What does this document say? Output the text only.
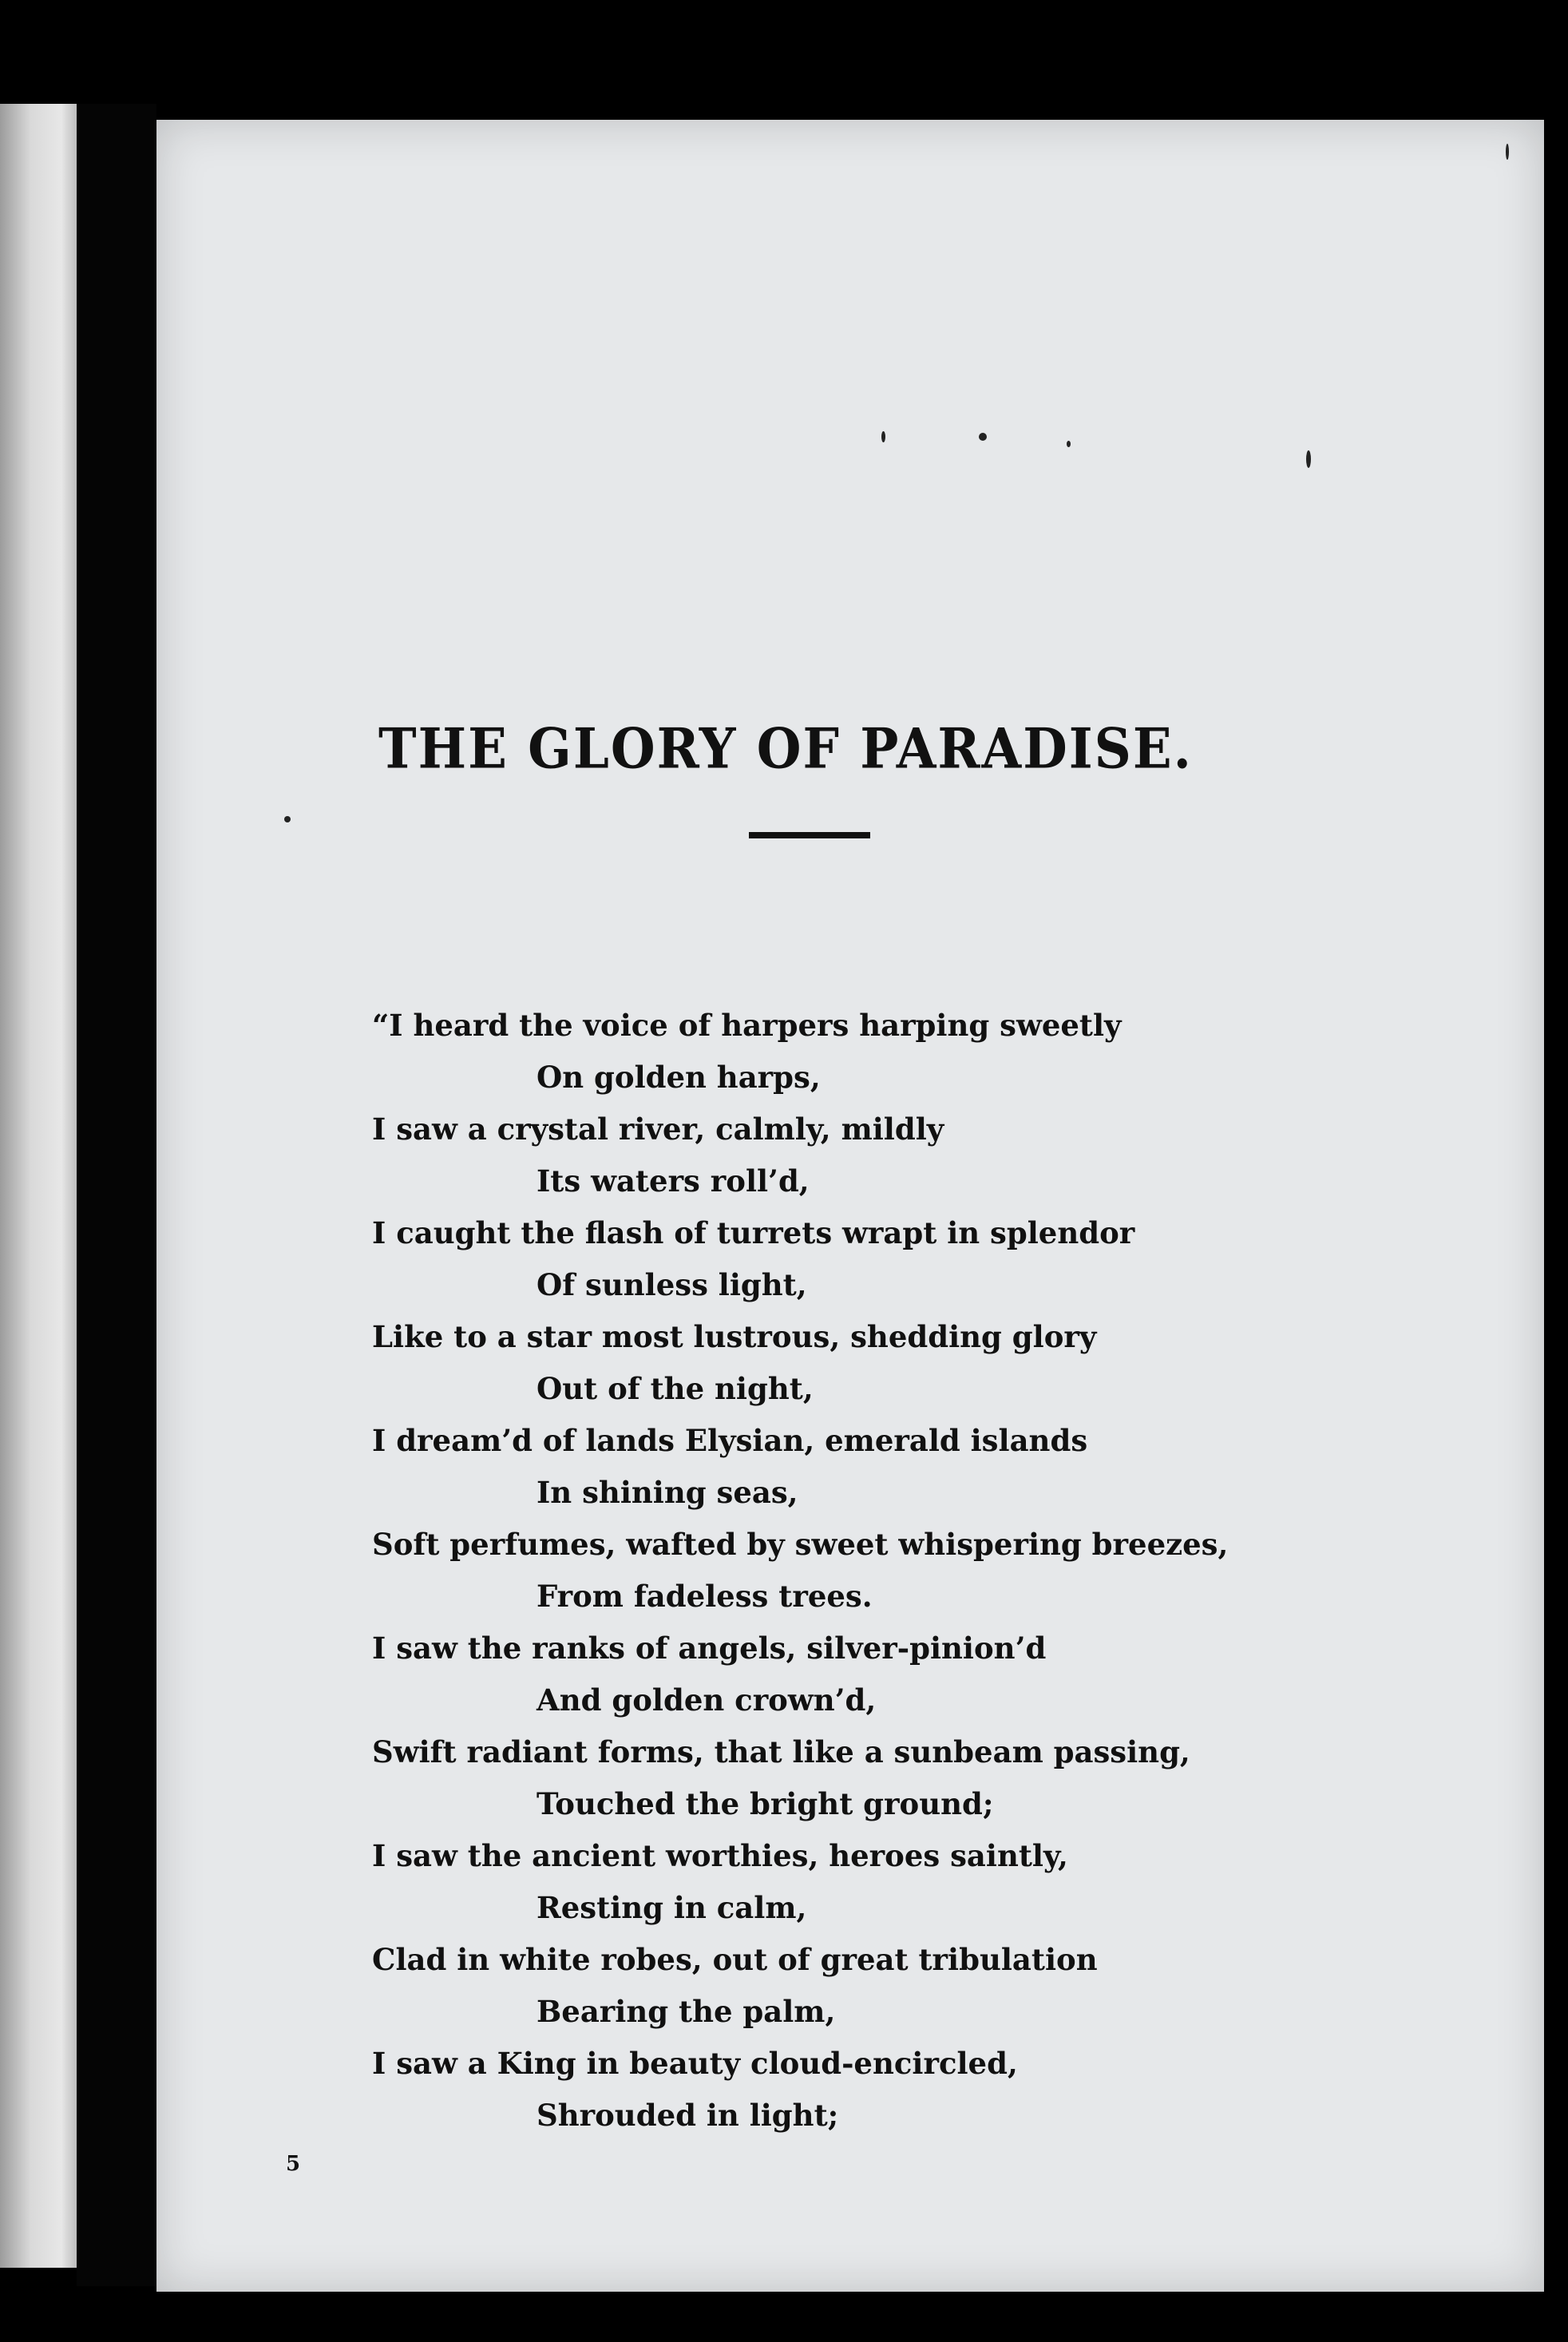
THE GLORY OF PARADISE.
“I heard the voice of harpers harping sweetly
On golden harps,
I saw a crystal river, calmly, mildly
Its waters roll’d,
I caught the flash of turrets wrapt in splendor
Of sunless light,
Like to a star most lustrous, shedding glory
Out of the night,
I dream’d of lands Elysian, emerald islands
In shining seas,
Soft perfumes, wafted by sweet whispering breezes,
From fadeless trees.
I saw the ranks of angels, silver-pinion’d
And golden crown’d,
Swift radiant forms, that like a sunbeam passing,
Touched the bright ground;
I saw the ancient worthies, heroes saintly,
Resting in calm,
Clad in white robes, out of great tribulation
Bearing the palm,
I saw a King in beauty cloud-encircled,
Shrouded in light;
5
